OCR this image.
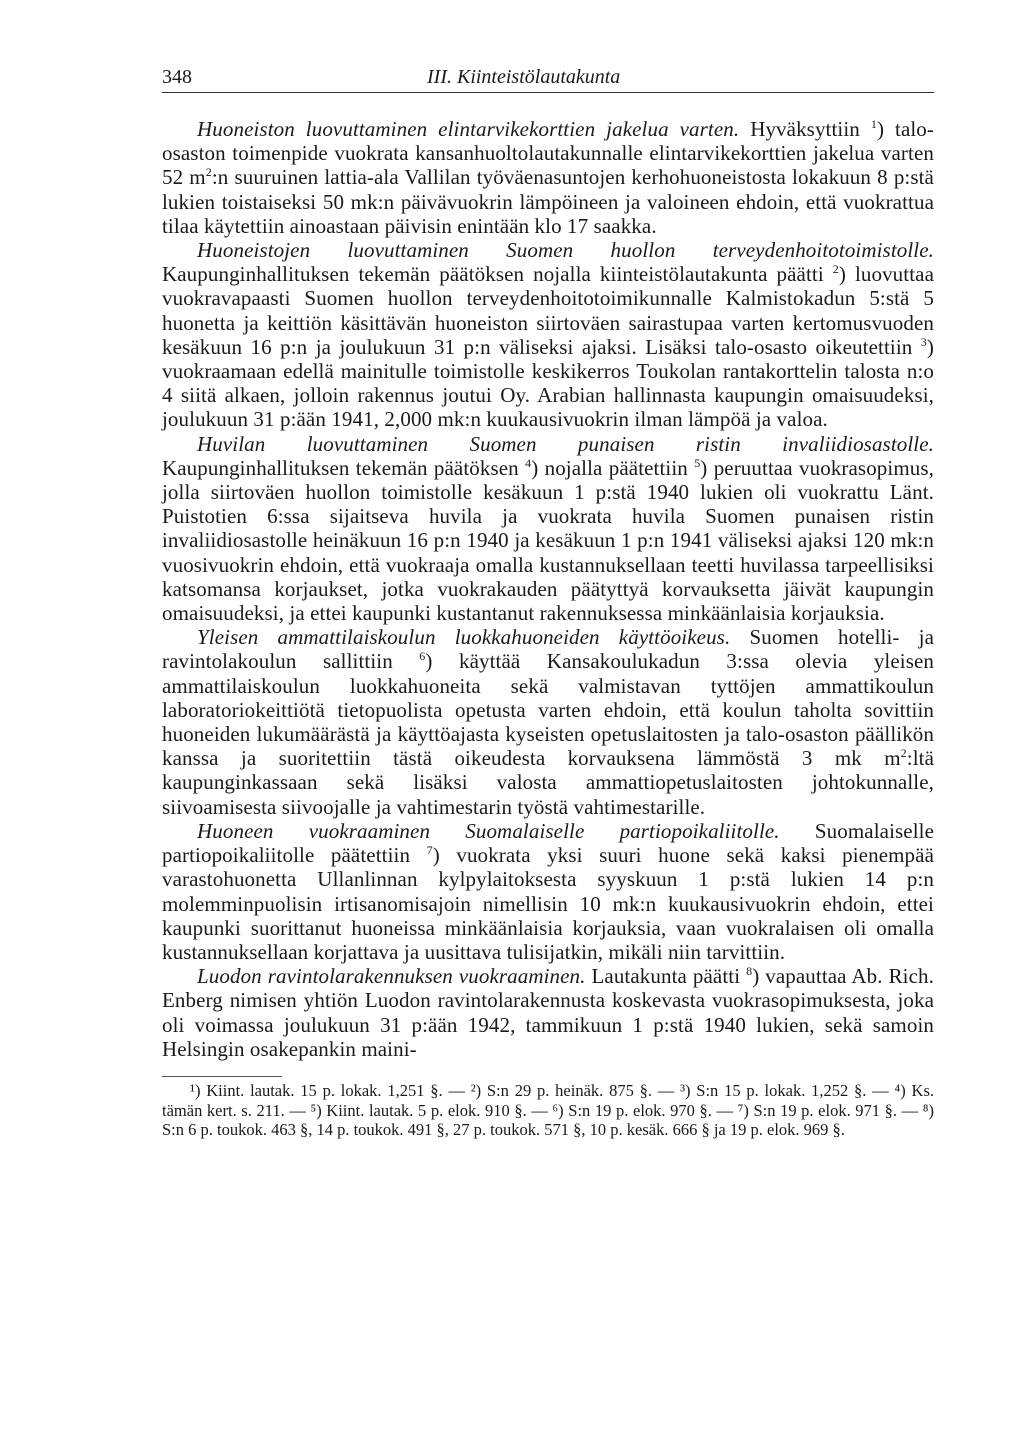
348	III. Kiinteistölautakunta

Huoneiston luovuttaminen elintarvikekorttien jakelua varten. Hyväksyttiin $^1$) talo-osaston toimenpide vuokrata kansanhuoltolautakunnalle elintarvikekorttien jakelua varten 52 $m^2:n$ suuruinen lattia-ala Vallilan työväenasuntojen kerhohuoneistosta lokakuun 8 p:stä lukien toistaiseksi 50 mk:n päivävuokrin lämpöineen ja valoineen ehdoin, että vuokrattua tilaa käytettiin ainoastaan päivisin enintään klo 17 saakka.

Huoneistojen luovuttaminen Suomen huollon terveydenhoitotoimistolle. Kaupunginhallituksen tekemän päätöksen nojalla kiinteistölautakunta päätti $^2$) luovuttaa vuokravapaasti Suomen huollon terveydenhoitotoimikunnalle Kalmistokadun 5:stä 5 huonetta ja keittiön käsittävän huoneiston siirtoväen sairastupaa varten kertomusvuoden kesäkuun 16 p:n ja joulukuun 31 p:n väliseksi ajaksi. Lisäksi talo-osasto oikeutettiin $^3$) vuokraamaan edellä mainitulle toimistolle keskikerros Toukolan rantakorttelin talosta n:o 4 siitä alkaen, jolloin rakennus joutui Oy. Arabian hallinnasta kaupungin omaisuudeksi, joulukuun 31 p:ään 1941, 2,000 mk:n kuukausivuokrin ilman lämpöä ja valoa.

Huvilan luovuttaminen Suomen punaisen ristin invaliidiosastolle. Kaupunginhallituksen tekemän päätöksen $^4$) nojalla päätettiin $^5$) peruuttaa vuokrasopimus, jolla siirtoväen huollon toimistolle kesäkuun 1 p:stä 1940 lukien oli vuokrattu Länt. Puistotien 6:ssa sijaitseva huvila ja vuokrata huvila Suomen punaisen ristin invaliidiosastolle heinäkuun 16 p:n 1940 ja kesäkuun 1 p:n 1941 väliseksi ajaksi 120 mk:n vuosivuokrin ehdoin, että vuokraaja omalla kustannuksellaan teetti huvilassa tarpeellisiksi katsomansa korjaukset, jotka vuokrakauden päätyttyä korvauksetta jäivät kaupungin omaisuudeksi, ja ettei kaupunki kustantanut rakennuksessa minkäänlaisia korjauksia.

Yleisen ammattilaiskoulun luokkahuoneiden käyttöoikeus. Suomen hotelli- ja ravintolakoulun sallittiin $^6$) käyttää Kansakoulukadun 3:ssa olevia yleisen ammattilaiskoulun luokkahuoneita sekä valmistavan tyttöjen ammattikoulun laboratoriokeittiötä tietopuolista opetusta varten ehdoin, että koulun taholta sovittiin huoneiden lukumäärästä ja käyttöajasta kyseisten opetuslaitosten ja talo-osaston päällikön kanssa ja suoritettiin tästä oikeudesta korvauksena lämmöstä 3 mk $m^2:ltä$ kaupunginkassaan sekä lisäksi valosta ammattiopetuslaitosten johtokunnalle, siivoamisesta siivoojalle ja vahtimestarin työstä vahtimestarille.

Huoneen vuokraaminen Suomalaiselle partiopoikaliitolle. Suomalaiselle partiopoikaliitolle päätettiin $^7$) vuokrata yksi suuri huone sekä kaksi pienempää varastohuonetta Ullanlinnan kylpylaitoksesta syyskuun 1 p:stä lukien 14 p:n molemminpuolisin irtisanomisajoin nimellisin 10 mk:n kuukausivuokrin ehdoin, ettei kaupunki suorittanut huoneissa minkäänlaisia korjauksia, vaan vuokralaisen oli omalla kustannuksellaan korjattava ja uusittava tulisijatkin, mikäli niin tarvittiin.

Luodon ravintolarakennuksen vuokraaminen. Lautakunta päätti $^8$) vapauttaa Ab. Rich. Enberg nimisen yhtiön Luodon ravintolarakennusta koskevasta vuokrasopimuksesta, joka oli voimassa joulukuun 31 p:ään 1942, tammikuun 1 p:stä 1940 lukien, sekä samoin Helsingin osakepankin maini-

¹) Kiint. lautak. 15 p. lokak. 1,251 §. — ²) S:n 29 p. heinäk. 875 §. — ³) S:n 15 p. lokak. 1,252 §. — ⁴) Ks. tämän kert. s. 211. — ⁵) Kiint. lautak. 5 p. elok. 910 §. — ⁶) S:n 19 p. elok. 970 §. — ⁷) S:n 19 p. elok. 971 §. — ⁸) S:n 6 p. toukok. 463 §, 14 p. toukok. 491 §, 27 p. toukok. 571 §, 10 p. kesäk. 666 § ja 19 p. elok. 969 §.
